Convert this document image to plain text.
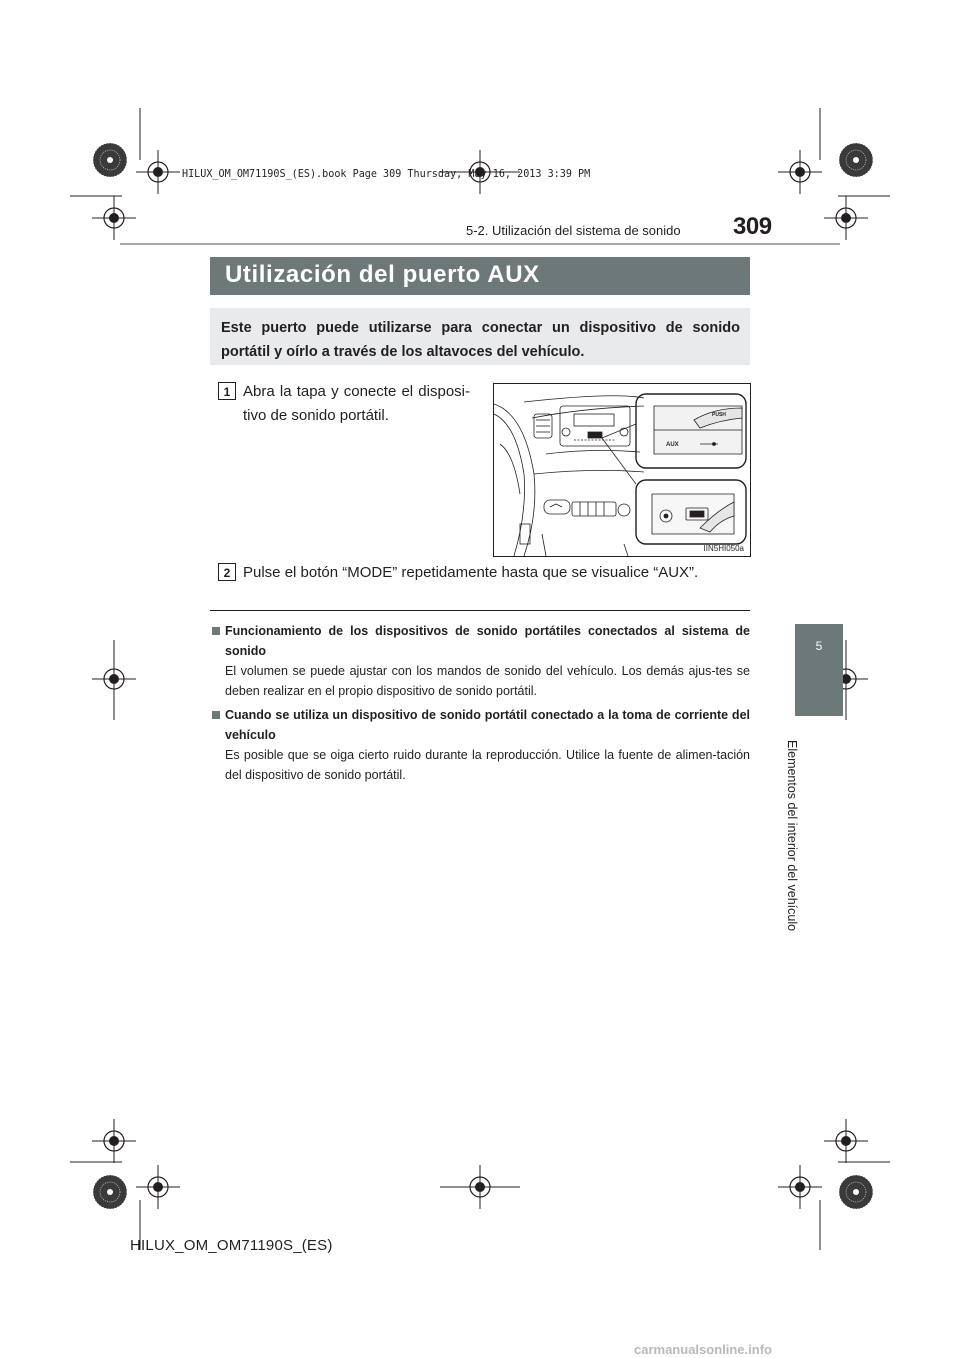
HILUX_OM_OM71190S_(ES).book Page 309 Thursday, May 16, 2013 3:39 PM
309
5-2. Utilización del sistema de sonido
Utilización del puerto AUX
Este puerto puede utilizarse para conectar un dispositivo de sonido portátil y oírlo a través de los altavoces del vehículo.
1 Abra la tapa y conecte el disposi-tivo de sonido portátil.	PUSH
AUX
IIN5HI050a
2 Pulse el botón “MODE” repetidamente hasta que se visualice “AUX”.
Funcionamiento de los dispositivos de sonido portátiles conectados al sistema de sonido
El volumen se puede ajustar con los mandos de sonido del vehículo. Los demás ajus-tes se deben realizar en el propio dispositivo de sonido portátil.
Cuando se utiliza un dispositivo de sonido portátil conectado a la toma de corriente del vehículo
Es posible que se oiga cierto ruido durante la reproducción. Utilice la fuente de alimen-tación del dispositivo de sonido portátil.
5
Elementos del interior del vehículo
HILUX_OM_OM71190S_(ES)
carmanualsonline.info
